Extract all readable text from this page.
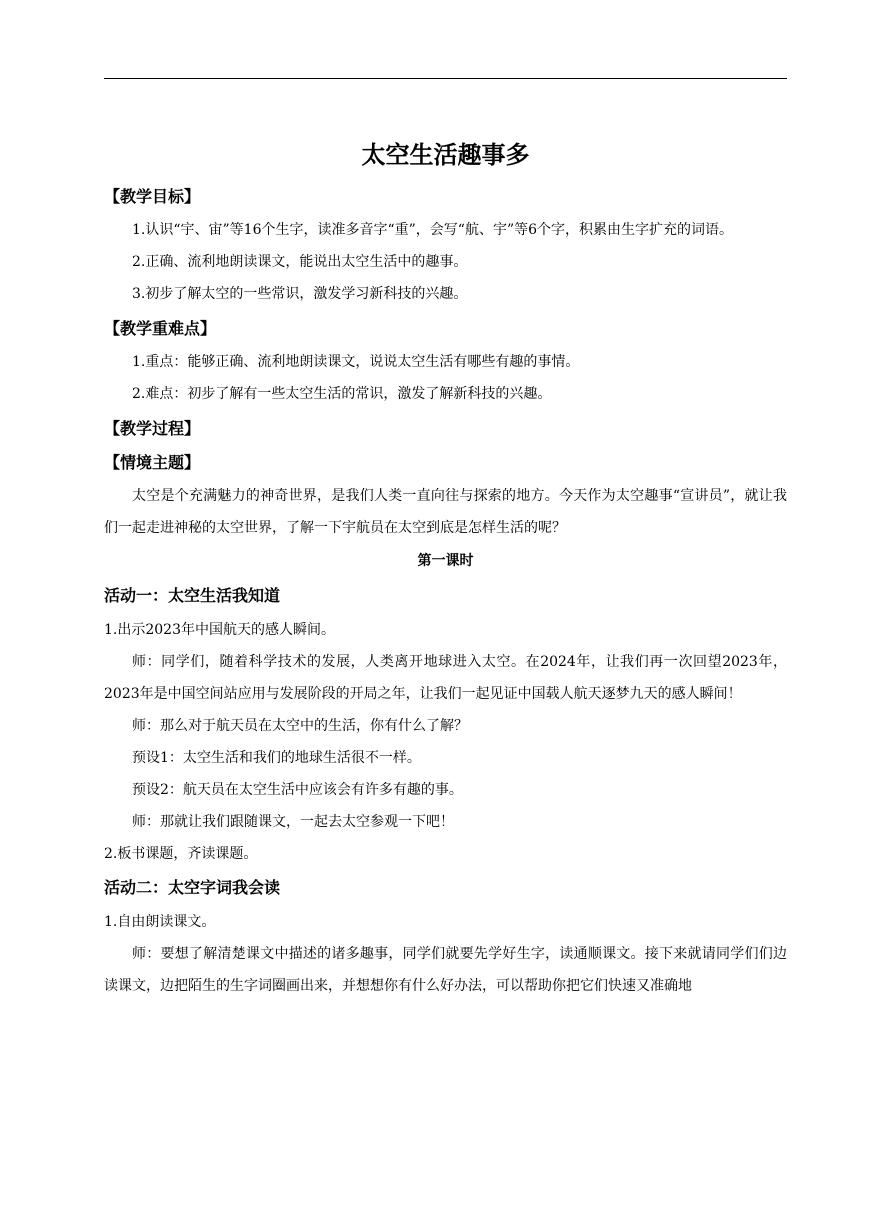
太空生活趣事多
【教学目标】

1.认识“宇、宙”等16个生字，读准多音字“重”，会写“航、宇”等6个字，积累由生字扩充的词语。

2.正确、流利地朗读课文，能说出太空生活中的趣事。

3.初步了解太空的一些常识，激发学习新科技的兴趣。

【教学重难点】

1.重点：能够正确、流利地朗读课文，说说太空生活有哪些有趣的事情。

2.难点：初步了解有一些太空生活的常识，激发了解新科技的兴趣。

【教学过程】
【情境主题】

太空是个充满魅力的神奇世界，是我们人类一直向往与探索的地方。今天作为太空趣事“宣讲员”，就让我们一起走进神秘的太空世界，了解一下宇航员在太空到底是怎样生活的呢？

第一课时
活动一：太空生活我知道

1.出示2023年中国航天的感人瞬间。

师：同学们，随着科学技术的发展，人类离开地球进入太空。在2024年，让我们再一次回望2023年，2023年是中国空间站应用与发展阶段的开局之年，让我们一起见证中国载人航天逐梦九天的感人瞬间！

师：那么对于航天员在太空中的生活，你有什么了解？

预设1：太空生活和我们的地球生活很不一样。

预设2：航天员在太空生活中应该会有许多有趣的事。

师：那就让我们跟随课文，一起去太空参观一下吧！

2.板书课题，齐读课题。

活动二：太空字词我会读

1.自由朗读课文。

师：要想了解清楚课文中描述的诸多趣事，同学们就要先学好生字，读通顺课文。接下来就请同学们们边读课文，边把陌生的生字词圈画出来，并想想你有什么好办法，可以帮助你把它们快速又准确地
